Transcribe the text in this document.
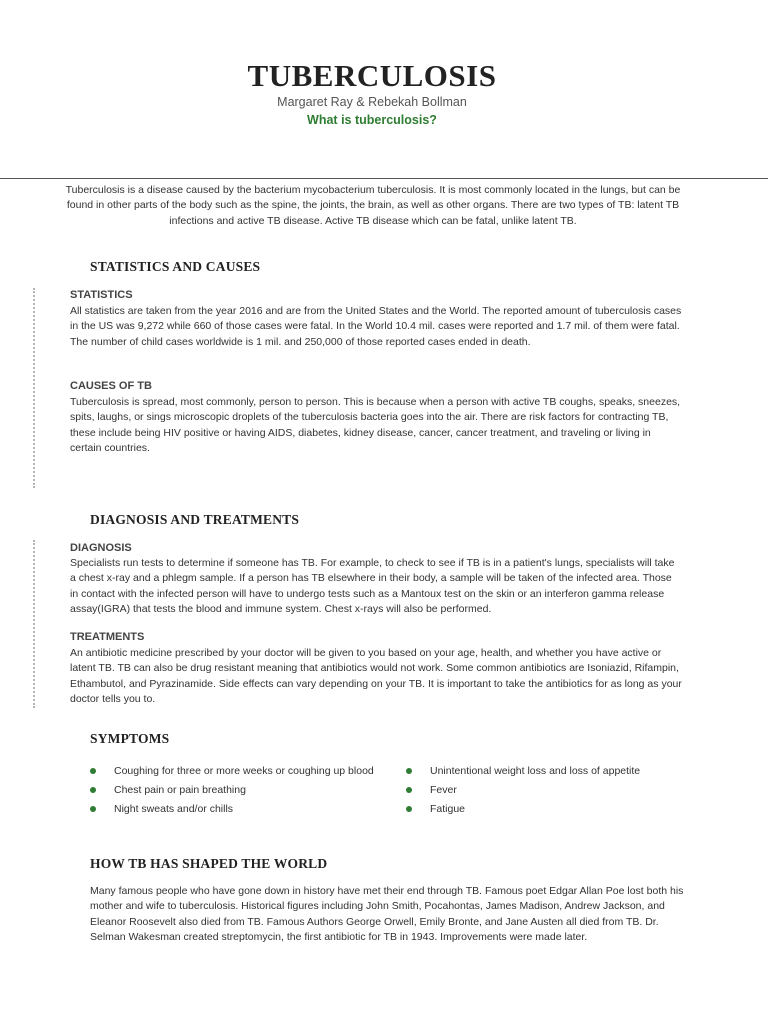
TUBERCULOSIS
Margaret Ray & Rebekah Bollman
What is tuberculosis?
Tuberculosis is a disease caused by the bacterium mycobacterium tuberculosis. It is most commonly located in the lungs, but can be found in other parts of the body such as the spine, the joints, the brain, as well as other organs. There are two types of TB: latent TB infections and active TB disease. Active TB disease which can be fatal, unlike latent TB.
STATISTICS AND CAUSES
STATISTICS
All statistics are taken from the year 2016 and are from the United States and the World. The reported amount of tuberculosis cases in the US was 9,272 while 660 of those cases were fatal. In the World 10.4 mil. cases were reported and 1.7 mil. of them were fatal. The number of child cases worldwide is 1 mil. and 250,000 of those reported cases ended in death.
CAUSES OF TB
Tuberculosis is spread, most commonly, person to person. This is because when a person with active TB coughs, speaks, sneezes, spits, laughs, or sings microscopic droplets of the tuberculosis bacteria goes into the air. There are risk factors for contracting TB, these include being HIV positive or having AIDS, diabetes, kidney disease, cancer, cancer treatment, and traveling or living in certain countries.
DIAGNOSIS AND TREATMENTS
DIAGNOSIS
Specialists run tests to determine if someone has TB. For example, to check to see if TB is in a patient's lungs, specialists will take a chest x-ray and a phlegm sample. If a person has TB elsewhere in their body, a sample will be taken of the infected area. Those in contact with the infected person will have to undergo tests such as a Mantoux test on the skin or an interferon gamma release assay(IGRA) that tests the blood and immune system. Chest x-rays will also be performed.
TREATMENTS
An antibiotic medicine prescribed by your doctor will be given to you based on your age, health, and whether you have active or latent TB. TB can also be drug resistant meaning that antibiotics would not work. Some common antibiotics are Isoniazid, Rifampin, Ethambutol, and Pyrazinamide. Side effects can vary depending on your TB. It is important to take the antibiotics for as long as your doctor tells you to.
SYMPTOMS
Coughing for three or more weeks or coughing up blood
Chest pain or pain breathing
Night sweats and/or chills
Unintentional weight loss and loss of appetite
Fever
Fatigue
HOW TB HAS SHAPED THE WORLD
Many famous people who have gone down in history have met their end through TB. Famous poet Edgar Allan Poe lost both his mother and wife to tuberculosis. Historical figures including John Smith, Pocahontas, James Madison, Andrew Jackson, and Eleanor Roosevelt also died from TB. Famous Authors George Orwell, Emily Bronte, and Jane Austen all died from TB. Dr. Selman Wakesman created streptomycin, the first antibiotic for TB in 1943. Improvements were made later.
